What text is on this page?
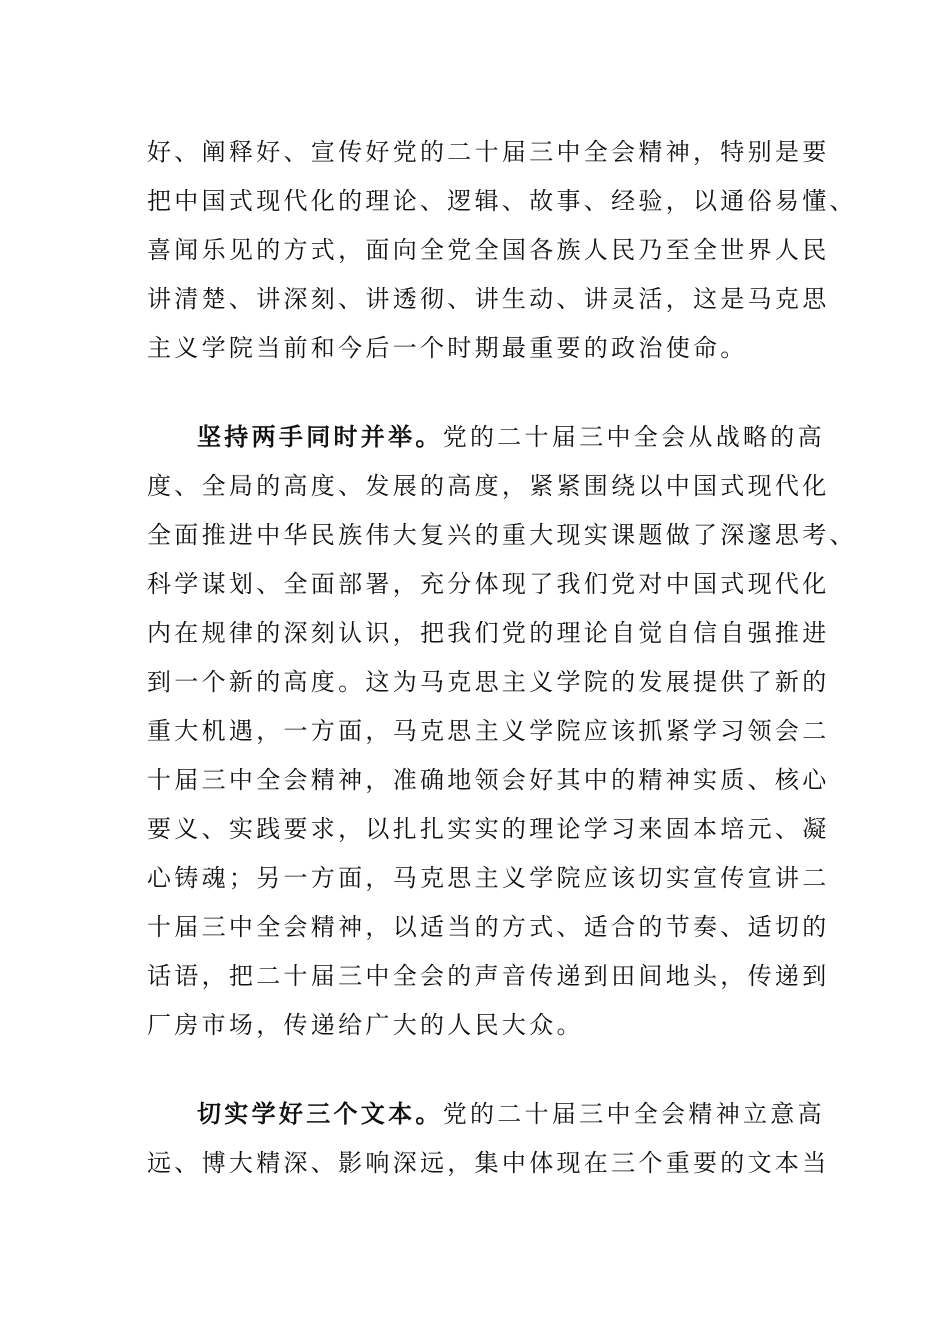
好、阐释好、宣传好党的二十届三中全会精神，特别是要
把中国式现代化的理论、逻辑、故事、经验，以通俗易懂、
喜闻乐见的方式，面向全党全国各族人民乃至全世界人民
讲清楚、讲深刻、讲透彻、讲生动、讲灵活，这是马克思
主义学院当前和今后一个时期最重要的政治使命。
坚持两手同时并举。党的二十届三中全会从战略的高
度、全局的高度、发展的高度，紧紧围绕以中国式现代化
全面推进中华民族伟大复兴的重大现实课题做了深邃思考、
科学谋划、全面部署，充分体现了我们党对中国式现代化
内在规律的深刻认识，把我们党的理论自觉自信自强推进
到一个新的高度。这为马克思主义学院的发展提供了新的
重大机遇，一方面，马克思主义学院应该抓紧学习领会二
十届三中全会精神，准确地领会好其中的精神实质、核心
要义、实践要求，以扎扎实实的理论学习来固本培元、凝
心铸魂；另一方面，马克思主义学院应该切实宣传宣讲二
十届三中全会精神，以适当的方式、适合的节奏、适切的
话语，把二十届三中全会的声音传递到田间地头，传递到
厂房市场，传递给广大的人民大众。
切实学好三个文本。党的二十届三中全会精神立意高
远、博大精深、影响深远，集中体现在三个重要的文本当
